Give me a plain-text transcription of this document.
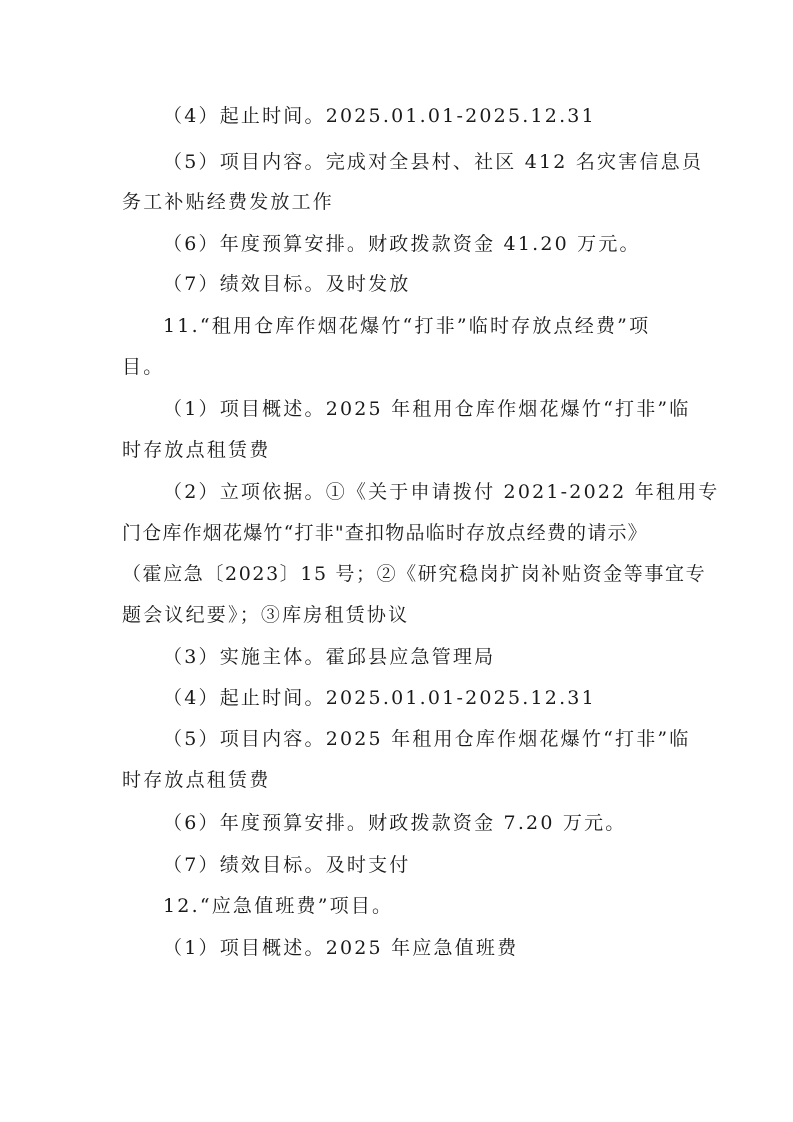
（4）起止时间。2025.01.01-2025.12.31
（5）项目内容。完成对全县村、社区 412 名灾害信息员
务工补贴经费发放工作
（6）年度预算安排。财政拨款资金 41.20 万元。
（7）绩效目标。及时发放
11.“租用仓库作烟花爆竹“打非”临时存放点经费”项
目。
（1）项目概述。2025 年租用仓库作烟花爆竹“打非”临
时存放点租赁费
（2）立项依据。①《关于申请拨付 2021-2022 年租用专
门仓库作烟花爆竹“打非"查扣物品临时存放点经费的请示》
（霍应急〔2023〕15 号；②《研究稳岗扩岗补贴资金等事宜专
题会议纪要》；③库房租赁协议
（3）实施主体。霍邱县应急管理局
（4）起止时间。2025.01.01-2025.12.31
（5）项目内容。2025 年租用仓库作烟花爆竹“打非”临
时存放点租赁费
（6）年度预算安排。财政拨款资金 7.20 万元。
（7）绩效目标。及时支付
12.“应急值班费”项目。
（1）项目概述。2025 年应急值班费
